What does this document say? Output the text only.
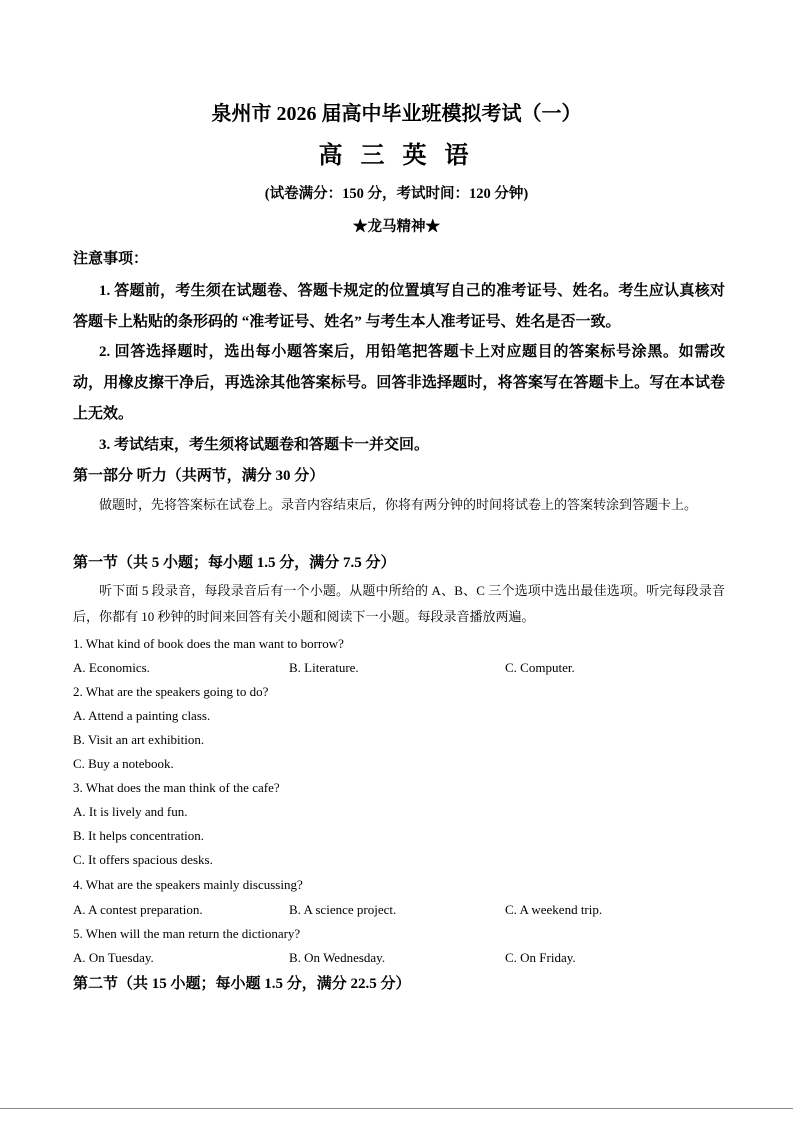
泉州市 2026 届高中毕业班模拟考试（一）
高 三 英 语
(试卷满分：150 分，考试时间：120 分钟)
★龙马精神★
注意事项：
1. 答题前，考生须在试题卷、答题卡规定的位置填写自己的准考证号、姓名。考生应认真核对答题卡上粘贴的条形码的 “准考证号、姓名” 与考生本人准考证号、姓名是否一致。
2. 回答选择题时，选出每小题答案后，用铅笔把答题卡上对应题目的答案标号涂黑。如需改动，用橡皮擦干净后，再选涂其他答案标号。回答非选择题时，将答案写在答题卡上。写在本试卷上无效。
3. 考试结束，考生须将试题卷和答题卡一并交回。
第一部分 听力（共两节，满分 30 分）
做题时，先将答案标在试卷上。录音内容结束后，你将有两分钟的时间将试卷上的答案转涂到答题卡上。
第一节（共 5 小题；每小题 1.5 分，满分 7.5 分）
听下面 5 段录音，每段录音后有一个小题。从题中所给的 A、B、C 三个选项中选出最佳选项。听完每段录音后，你都有 10 秒钟的时间来回答有关小题和阅读下一小题。每段录音播放两遍。
1. What kind of book does the man want to borrow?
A. Economics.	B. Literature.	C. Computer.
2. What are the speakers going to do?
A. Attend a painting class.
B. Visit an art exhibition.
C. Buy a notebook.
3. What does the man think of the cafe?
A. It is lively and fun.
B. It helps concentration.
C. It offers spacious desks.
4. What are the speakers mainly discussing?
A. A contest preparation.	B. A science project.	C. A weekend trip.
5. When will the man return the dictionary?
A. On Tuesday.	B. On Wednesday.	C. On Friday.
第二节（共 15 小题；每小题 1.5 分，满分 22.5 分）
